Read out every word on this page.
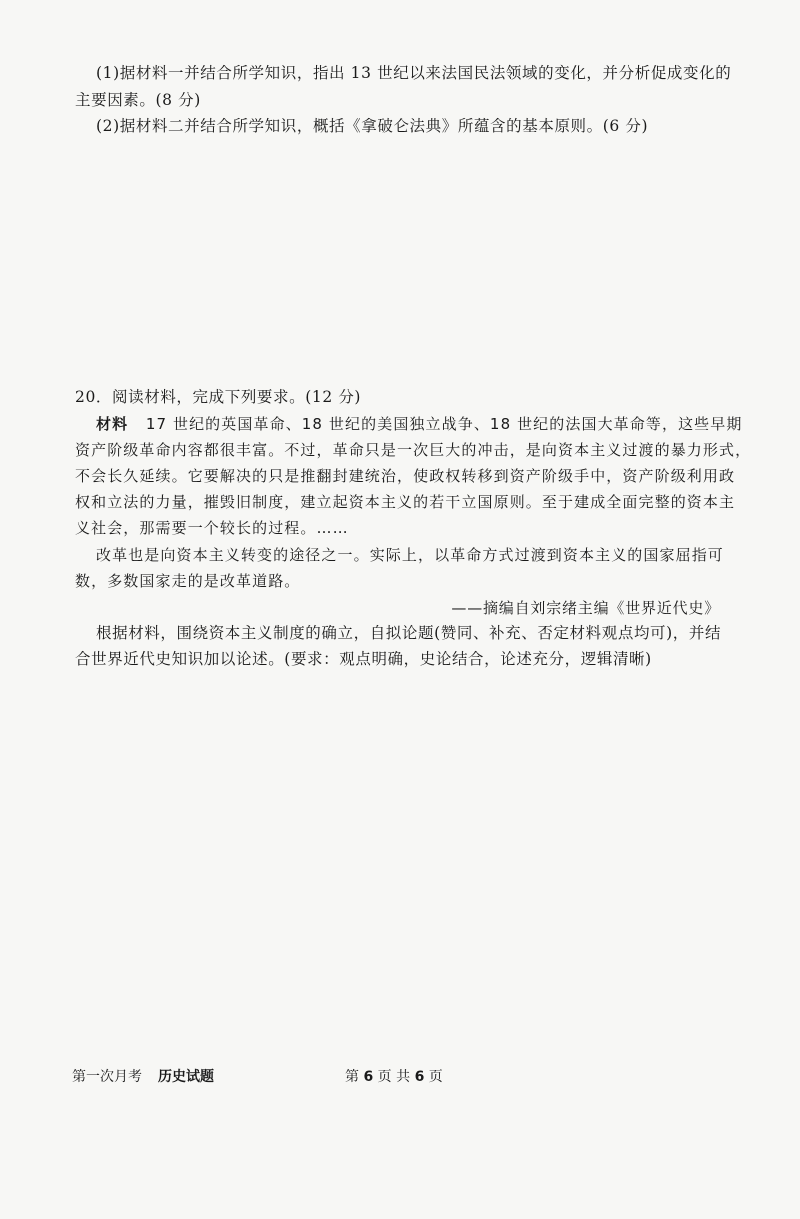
(1)据材料一并结合所学知识，指出 13 世纪以来法国民法领域的变化，并分析促成变化的
主要因素。(8 分)
(2)据材料二并结合所学知识，概括《拿破仑法典》所蕴含的基本原则。(6 分)
20．阅读材料，完成下列要求。(12 分)
材料 17 世纪的英国革命、18 世纪的美国独立战争、18 世纪的法国大革命等，这些早期
资产阶级革命内容都很丰富。不过，革命只是一次巨大的冲击，是向资本主义过渡的暴力形式，
不会长久延续。它要解决的只是推翻封建统治，使政权转移到资产阶级手中，资产阶级利用政
权和立法的力量，摧毁旧制度，建立起资本主义的若干立国原则。至于建成全面完整的资本主
义社会，那需要一个较长的过程。……
改革也是向资本主义转变的途径之一。实际上，以革命方式过渡到资本主义的国家屈指可
数，多数国家走的是改革道路。
——摘编自刘宗绪主编《世界近代史》
根据材料，围绕资本主义制度的确立，自拟论题(赞同、补充、否定材料观点均可)，并结
合世界近代史知识加以论述。(要求：观点明确，史论结合，论述充分，逻辑清晰)
第一次月考 历史试题	第 6 页 共 6 页
